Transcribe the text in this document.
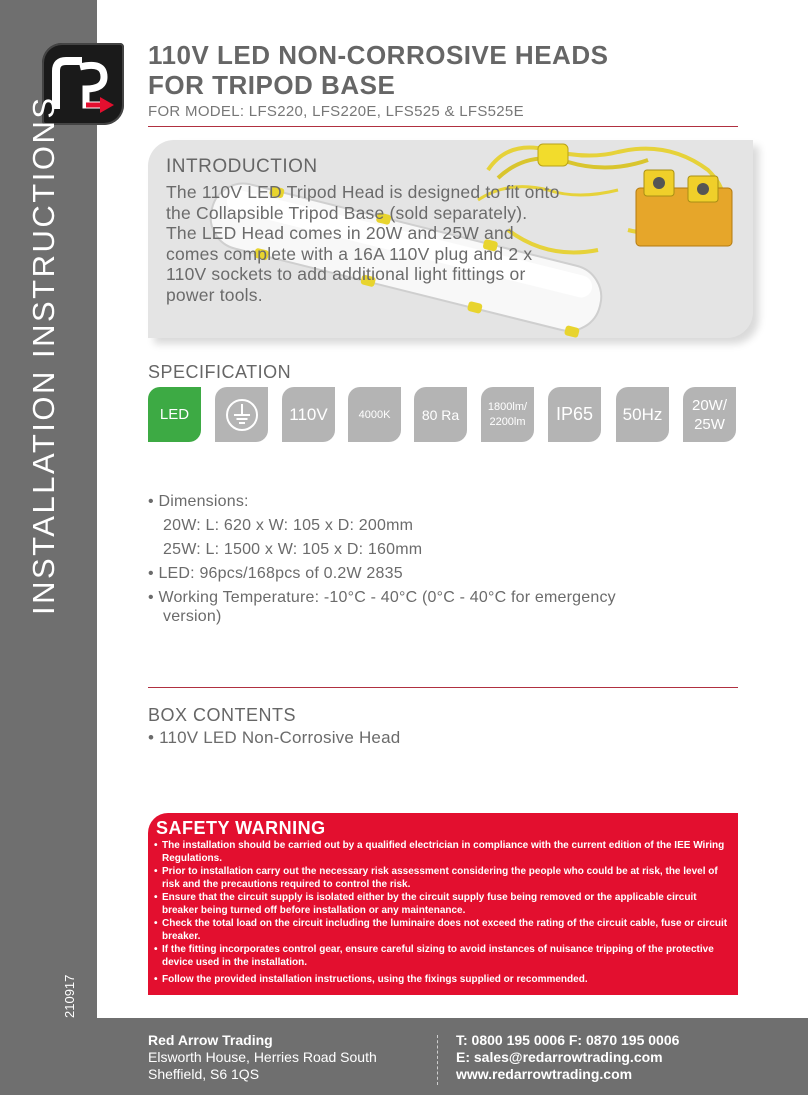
INSTALLATION INSTRUCTIONS
210917
110V LED NON-CORROSIVE HEADS
FOR TRIPOD BASE
FOR MODEL: LFS220, LFS220E, LFS525 & LFS525E
INTRODUCTION
The 110V LED Tripod Head is designed to fit onto the Collapsible Tripod Base (sold separately). The LED Head comes in 20W and 25W and comes complete with a 16A 110V plug and 2 x 110V sockets to add additional light fittings or power tools.
SPECIFICATION
LED	110V	4000K 80 Ra	1800lm/
2200lm IP65 50Hz 20W/
25W
• Dimensions:
20W: L: 620 x W: 105 x D: 200mm
25W: L: 1500 x W: 105 x D: 160mm
• LED: 96pcs/168pcs of 0.2W 2835
• Working Temperature: -10°C - 40°C (0°C - 40°C for emergency
version)
BOX CONTENTS
• 110V LED Non-Corrosive Head
SAFETY WARNING
• The installation should be carried out by a qualified electrician in compliance with the current edition of the IEE Wiring Regulations.
• Prior to installation carry out the necessary risk assessment considering the people who could be at risk, the level of risk and the precautions required to control the risk.
• Ensure that the circuit supply is isolated either by the circuit supply fuse being removed or the applicable circuit breaker being turned off before installation or any maintenance.
• Check the total load on the circuit including the luminaire does not exceed the rating of the circuit cable, fuse or circuit breaker.
• If the fitting incorporates control gear, ensure careful sizing to avoid instances of nuisance tripping of the protective device used in the installation.
• Follow the provided installation instructions, using the fixings supplied or recommended.
Red Arrow Trading
Elsworth House, Herries Road South
Sheffield, S6 1QS
T: 0800 195 0006 F: 0870 195 0006
E: sales@redarrowtrading.com
www.redarrowtrading.com
